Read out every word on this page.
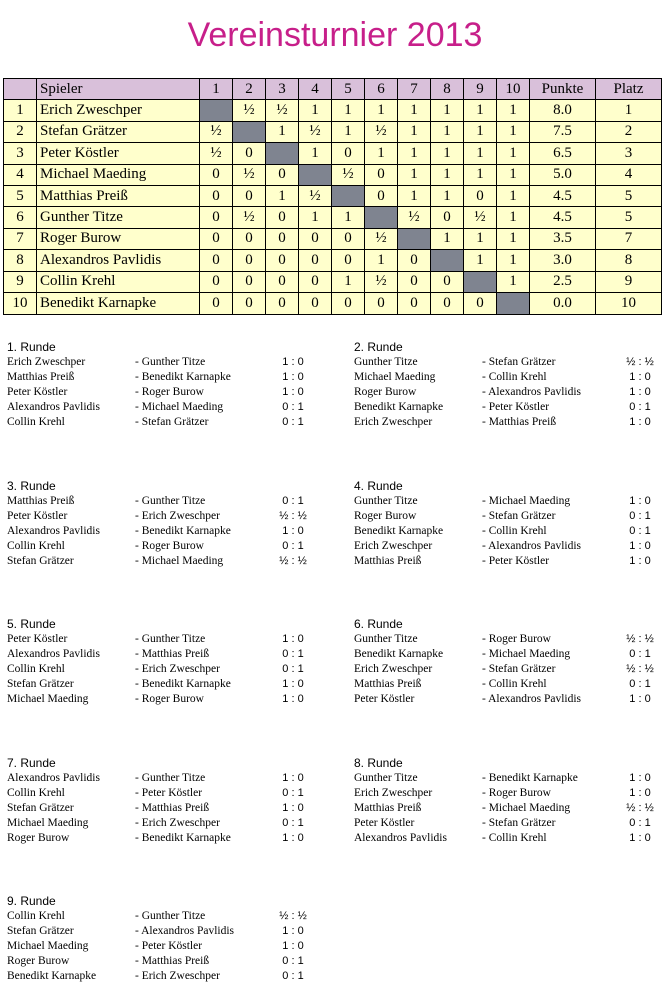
Vereinsturnier 2013
	Spieler	1	2	3	4	5	6	7	8	9	10	Punkte	Platz
1	Erich Zweschper		½	½	1	1	1	1	1	1	1	8.0	1
2	Stefan Grätzer	½		1	½	1	½	1	1	1	1	7.5	2
3	Peter Köstler	½	0		1	0	1	1	1	1	1	6.5	3
4	Michael Maeding	0	½	0		½	0	1	1	1	1	5.0	4
5	Matthias Preiß	0	0	1	½		0	1	1	0	1	4.5	5
6	Gunther Titze	0	½	0	1	1		½	0	½	1	4.5	5
7	Roger Burow	0	0	0	0	0	½		1	1	1	3.5	7
8	Alexandros Pavlidis	0	0	0	0	0	1	0		1	1	3.0	8
9	Collin Krehl	0	0	0	0	1	½	0	0		1	2.5	9
10	Benedikt Karnapke	0	0	0	0	0	0	0	0	0		0.0	10
1. Runde
Erich Zweschper	- Gunther Titze	1 : 0
Matthias Preiß	- Benedikt Karnapke	1 : 0
Peter Köstler	- Roger Burow	1 : 0
Alexandros Pavlidis	- Michael Maeding	0 : 1
Collin Krehl	- Stefan Grätzer	0 : 1
2. Runde
Gunther Titze	- Stefan Grätzer	½ : ½
Michael Maeding	- Collin Krehl	1 : 0
Roger Burow	- Alexandros Pavlidis	1 : 0
Benedikt Karnapke	- Peter Köstler	0 : 1
Erich Zweschper	- Matthias Preiß	1 : 0
3. Runde
Matthias Preiß	- Gunther Titze	0 : 1
Peter Köstler	- Erich Zweschper	½ : ½
Alexandros Pavlidis	- Benedikt Karnapke	1 : 0
Collin Krehl	- Roger Burow	0 : 1
Stefan Grätzer	- Michael Maeding	½ : ½
4. Runde
Gunther Titze	- Michael Maeding	1 : 0
Roger Burow	- Stefan Grätzer	0 : 1
Benedikt Karnapke	- Collin Krehl	0 : 1
Erich Zweschper	- Alexandros Pavlidis	1 : 0
Matthias Preiß	- Peter Köstler	1 : 0
5. Runde
Peter Köstler	- Gunther Titze	1 : 0
Alexandros Pavlidis	- Matthias Preiß	0 : 1
Collin Krehl	- Erich Zweschper	0 : 1
Stefan Grätzer	- Benedikt Karnapke	1 : 0
Michael Maeding	- Roger Burow	1 : 0
6. Runde
Gunther Titze	- Roger Burow	½ : ½
Benedikt Karnapke	- Michael Maeding	0 : 1
Erich Zweschper	- Stefan Grätzer	½ : ½
Matthias Preiß	- Collin Krehl	0 : 1
Peter Köstler	- Alexandros Pavlidis	1 : 0
7. Runde
Alexandros Pavlidis	- Gunther Titze	1 : 0
Collin Krehl	- Peter Köstler	0 : 1
Stefan Grätzer	- Matthias Preiß	1 : 0
Michael Maeding	- Erich Zweschper	0 : 1
Roger Burow	- Benedikt Karnapke	1 : 0
8. Runde
Gunther Titze	- Benedikt Karnapke	1 : 0
Erich Zweschper	- Roger Burow	1 : 0
Matthias Preiß	- Michael Maeding	½ : ½
Peter Köstler	- Stefan Grätzer	0 : 1
Alexandros Pavlidis	- Collin Krehl	1 : 0
9. Runde
Collin Krehl	- Gunther Titze	½ : ½
Stefan Grätzer	- Alexandros Pavlidis	1 : 0
Michael Maeding	- Peter Köstler	1 : 0
Roger Burow	- Matthias Preiß	0 : 1
Benedikt Karnapke	- Erich Zweschper	0 : 1
